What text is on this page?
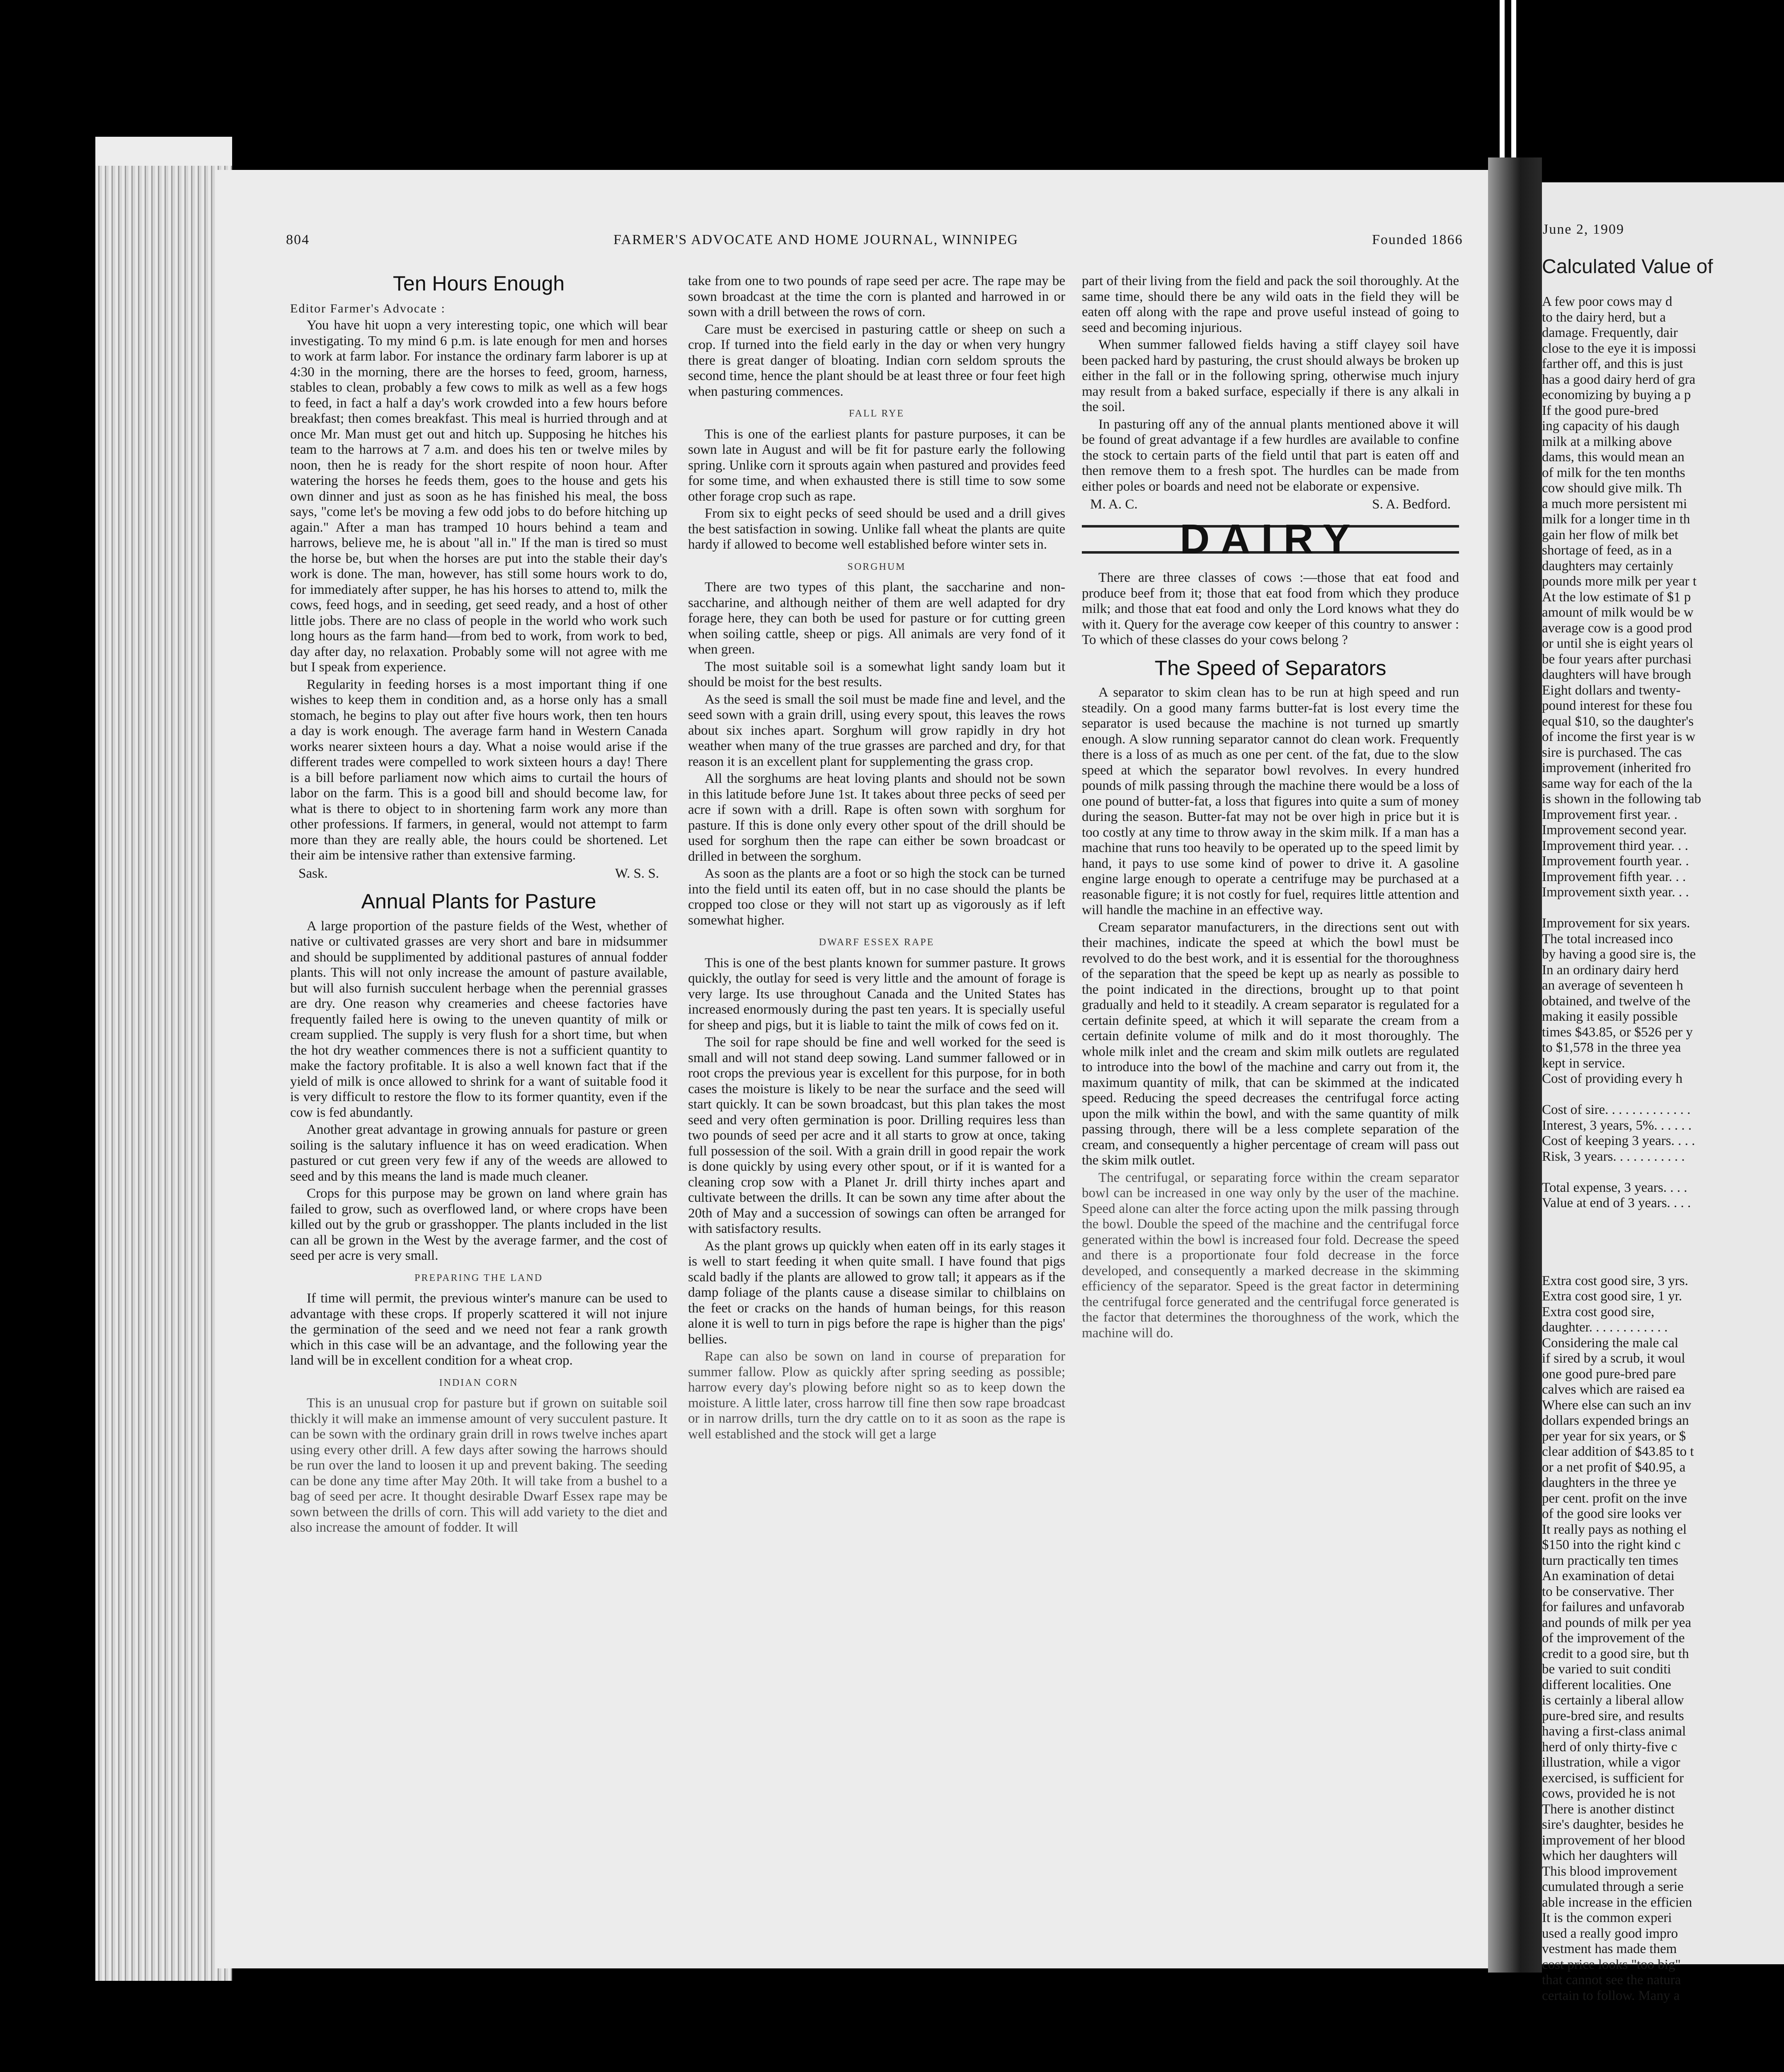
804	FARMER'S ADVOCATE AND HOME JOURNAL, WINNIPEG	Founded 1866
June 2, 1909
Ten Hours Enough
Editor Farmer's Advocate :

You have hit uopn a very interesting topic, one which will bear investigating. To my mind 6 p.m. is late enough for men and horses to work at farm labor. For instance the ordinary farm laborer is up at 4:30 in the morning, there are the horses to feed, groom, harness, stables to clean, probably a few cows to milk as well as a few hogs to feed, in fact a half a day's work crowded into a few hours before breakfast; then comes breakfast. This meal is hurried through and at once Mr. Man must get out and hitch up. Supposing he hitches his team to the harrows at 7 a.m. and does his ten or twelve miles by noon, then he is ready for the short respite of noon hour. After watering the horses he feeds them, goes to the house and gets his own dinner and just as soon as he has finished his meal, the boss says, "come let's be moving a few odd jobs to do before hitching up again." After a man has tramped 10 hours behind a team and harrows, believe me, he is about "all in." If the man is tired so must the horse be, but when the horses are put into the stable their day's work is done. The man, however, has still some hours work to do, for immediately after supper, he has his horses to attend to, milk the cows, feed hogs, and in seeding, get seed ready, and a host of other little jobs. There are no class of people in the world who work such long hours as the farm hand—from bed to work, from work to bed, day after day, no relaxation. Probably some will not agree with me but I speak from experience.

Regularity in feeding horses is a most important thing if one wishes to keep them in condition and, as a horse only has a small stomach, he begins to play out after five hours work, then ten hours a day is work enough. The average farm hand in Western Canada works nearer sixteen hours a day. What a noise would arise if the different trades were compelled to work sixteen hours a day! There is a bill before parliament now which aims to curtail the hours of labor on the farm. This is a good bill and should become law, for what is there to object to in shortening farm work any more than other professions. If farmers, in general, would not attempt to farm more than they are really able, the hours could be shortened. Let their aim be intensive rather than extensive farming.

Sask.	W. S. S.
Annual Plants for Pasture

A large proportion of the pasture fields of the West, whether of native or cultivated grasses are very short and bare in midsummer and should be supplimented by additional pastures of annual fodder plants. This will not only increase the amount of pasture available, but will also furnish succulent herbage when the perennial grasses are dry. One reason why creameries and cheese factories have frequently failed here is owing to the uneven quantity of milk or cream supplied. The supply is very flush for a short time, but when the hot dry weather commences there is not a sufficient quantity to make the factory profitable. It is also a well known fact that if the yield of milk is once allowed to shrink for a want of suitable food it is very difficult to restore the flow to its former quantity, even if the cow is fed abundantly.

Another great advantage in growing annuals for pasture or green soiling is the salutary influence it has on weed eradication. When pastured or cut green very few if any of the weeds are allowed to seed and by this means the land is made much cleaner.

Crops for this purpose may be grown on land where grain has failed to grow, such as overflowed land, or where crops have been killed out by the grub or grasshopper. The plants included in the list can all be grown in the West by the average farmer, and the cost of seed per acre is very small.

PREPARING THE LAND

If time will permit, the previous winter's manure can be used to advantage with these crops. If properly scattered it will not injure the germination of the seed and we need not fear a rank growth which in this case will be an advantage, and the following year the land will be in excellent condition for a wheat crop.

INDIAN CORN

This is an unusual crop for pasture but if grown on suitable soil thickly it will make an immense amount of very succulent pasture. It can be sown with the ordinary grain drill in rows twelve inches apart using every other drill. A few days after sowing the harrows should be run over the land to loosen it up and prevent baking. The seeding can be done any time after May 20th. It will take from a bushel to a bag of seed per acre. It thought desirable Dwarf Essex rape may be sown between the drills of corn. This will add variety to the diet and also increase the amount of fodder. It will

take from one to two pounds of rape seed per acre. The rape may be sown broadcast at the time the corn is planted and harrowed in or sown with a drill between the rows of corn.

Care must be exercised in pasturing cattle or sheep on such a crop. If turned into the field early in the day or when very hungry there is great danger of bloating. Indian corn seldom sprouts the second time, hence the plant should be at least three or four feet high when pasturing commences.

FALL RYE

This is one of the earliest plants for pasture purposes, it can be sown late in August and will be fit for pasture early the following spring. Unlike corn it sprouts again when pastured and provides feed for some time, and when exhausted there is still time to sow some other forage crop such as rape.

From six to eight pecks of seed should be used and a drill gives the best satisfaction in sowing. Unlike fall wheat the plants are quite hardy if allowed to become well established before winter sets in.

SORGHUM

There are two types of this plant, the saccharine and non-saccharine, and although neither of them are well adapted for dry forage here, they can both be used for pasture or for cutting green when soiling cattle, sheep or pigs. All animals are very fond of it when green.

The most suitable soil is a somewhat light sandy loam but it should be moist for the best results.

As the seed is small the soil must be made fine and level, and the seed sown with a grain drill, using every spout, this leaves the rows about six inches apart. Sorghum will grow rapidly in dry hot weather when many of the true grasses are parched and dry, for that reason it is an excellent plant for supplementing the grass crop.

All the sorghums are heat loving plants and should not be sown in this latitude before June 1st. It takes about three pecks of seed per acre if sown with a drill. Rape is often sown with sorghum for pasture. If this is done only every other spout of the drill should be used for sorghum then the rape can either be sown broadcast or drilled in between the sorghum.

As soon as the plants are a foot or so high the stock can be turned into the field until its eaten off, but in no case should the plants be cropped too close or they will not start up as vigorously as if left somewhat higher.

DWARF ESSEX RAPE

This is one of the best plants known for summer pasture. It grows quickly, the outlay for seed is very little and the amount of forage is very large. Its use throughout Canada and the United States has increased enormously during the past ten years. It is specially useful for sheep and pigs, but it is liable to taint the milk of cows fed on it.

The soil for rape should be fine and well worked for the seed is small and will not stand deep sowing. Land summer fallowed or in root crops the previous year is excellent for this purpose, for in both cases the moisture is likely to be near the surface and the seed will start quickly. It can be sown broadcast, but this plan takes the most seed and very often germination is poor. Drilling requires less than two pounds of seed per acre and it all starts to grow at once, taking full possession of the soil. With a grain drill in good repair the work is done quickly by using every other spout, or if it is wanted for a cleaning crop sow with a Planet Jr. drill thirty inches apart and cultivate between the drills. It can be sown any time after about the 20th of May and a succession of sowings can often be arranged for with satisfactory results.

As the plant grows up quickly when eaten off in its early stages it is well to start feeding it when quite small. I have found that pigs scald badly if the plants are allowed to grow tall; it appears as if the damp foliage of the plants cause a disease similar to chilblains on the feet or cracks on the hands of human beings, for this reason alone it is well to turn in pigs before the rape is higher than the pigs' bellies.

Rape can also be sown on land in course of preparation for summer fallow. Plow as quickly after spring seeding as possible; harrow every day's plowing before night so as to keep down the moisture. A little later, cross harrow till fine then sow rape broadcast or in narrow drills, turn the dry cattle on to it as soon as the rape is well established and the stock will get a large

part of their living from the field and pack the soil thoroughly. At the same time, should there be any wild oats in the field they will be eaten off along with the rape and prove useful instead of going to seed and becoming injurious.

When summer fallowed fields having a stiff clayey soil have been packed hard by pasturing, the crust should always be broken up either in the fall or in the following spring, otherwise much injury may result from a baked surface, especially if there is any alkali in the soil.

In pasturing off any of the annual plants mentioned above it will be found of great advantage if a few hurdles are available to confine the stock to certain parts of the field until that part is eaten off and then remove them to a fresh spot. The hurdles can be made from either poles or boards and need not be elaborate or expensive.

M. A. C.	S. A. Bedford.
DAIRY

There are three classes of cows :—those that eat food and produce beef from it; those that eat food from which they produce milk; and those that eat food and only the Lord knows what they do with it. Query for the average cow keeper of this country to answer : To which of these classes do your cows belong ?

The Speed of Separators

A separator to skim clean has to be run at high speed and run steadily. On a good many farms butter-fat is lost every time the separator is used because the machine is not turned up smartly enough. A slow running separator cannot do clean work. Frequently there is a loss of as much as one per cent. of the fat, due to the slow speed at which the separator bowl revolves. In every hundred pounds of milk passing through the machine there would be a loss of one pound of butter-fat, a loss that figures into quite a sum of money during the season. Butter-fat may not be over high in price but it is too costly at any time to throw away in the skim milk. If a man has a machine that runs too heavily to be operated up to the speed limit by hand, it pays to use some kind of power to drive it. A gasoline engine large enough to operate a centrifuge may be purchased at a reasonable figure; it is not costly for fuel, requires little attention and will handle the machine in an effective way.

Cream separator manufacturers, in the directions sent out with their machines, indicate the speed at which the bowl must be revolved to do the best work, and it is essential for the thoroughness of the separation that the speed be kept up as nearly as possible to the point indicated in the directions, brought up to that point gradually and held to it steadily. A cream separator is regulated for a certain definite speed, at which it will separate the cream from a certain definite volume of milk and do it most thoroughly. The whole milk inlet and the cream and skim milk outlets are regulated to introduce into the bowl of the machine and carry out from it, the maximum quantity of milk, that can be skimmed at the indicated speed. Reducing the speed decreases the centrifugal force acting upon the milk within the bowl, and with the same quantity of milk passing through, there will be a less complete separation of the cream, and consequently a higher percentage of cream will pass out the skim milk outlet.

The centrifugal, or separating force within the cream separator bowl can be increased in one way only by the user of the machine. Speed alone can alter the force acting upon the milk passing through the bowl. Double the speed of the machine and the centrifugal force generated within the bowl is increased four fold. Decrease the speed and there is a proportionate four fold decrease in the force developed, and consequently a marked decrease in the skimming efficiency of the separator. Speed is the great factor in determining the centrifugal force generated and the centrifugal force generated is the factor that determines the thoroughness of the work, which the machine will do.

Calculated Value of
A few poor cows may d
to the dairy herd, but a
damage. Frequently, dair
close to the eye it is impossi
farther off, and this is just
has a good dairy herd of gra
economizing by buying a p
If the good pure-bred
ing capacity of his daugh
milk at a milking above
dams, this would mean an
of milk for the ten months
cow should give milk. Th
a much more persistent mi
milk for a longer time in th
gain her flow of milk bet
shortage of feed, as in a
daughters may certainly
pounds more milk per year t
At the low estimate of $1 p
amount of milk would be w
average cow is a good prod
or until she is eight years ol
be four years after purchasi
daughters will have brough
Eight dollars and twenty-
pound interest for these fou
equal $10, so the daughter's
of income the first year is w
sire is purchased. The cas
improvement (inherited fro
same way for each of the la
is shown in the following tab
Improvement first year. .
Improvement second year.
Improvement third year. . .
Improvement fourth year. .
Improvement fifth year. . .
Improvement sixth year. . .
Improvement for six years.
The total increased inco
by having a good sire is, the
In an ordinary dairy herd
an average of seventeen h
obtained, and twelve of the
making it easily possible
times $43.85, or $526 per y
to $1,578 in the three yea
kept in service.
Cost of providing every h
Cost of sire. . . . . . . . . . . . .
Interest, 3 years, 5%. . . . . .
Cost of keeping 3 years. . . .
Risk, 3 years. . . . . . . . . . .
Total expense, 3 years. . . .
Value at end of 3 years. . . .
Extra cost good sire, 3 yrs.
Extra cost good sire, 1 yr.
Extra cost good sire,
daughter. . . . . . . . . . . .
Considering the male cal
if sired by a scrub, it woul
one good pure-bred pare
calves which are raised ea
Where else can such an inv
dollars expended brings an
per year for six years, or $
clear addition of $43.85 to t
or a net profit of $40.95, a
daughters in the three ye
per cent. profit on the inve
of the good sire looks ver
It really pays as nothing el
$150 into the right kind c
turn practically ten times
An examination of detai
to be conservative. Ther
for failures and unfavorab
and pounds of milk per yea
of the improvement of the
credit to a good sire, but th
be varied to suit conditi
different localities. One
is certainly a liberal allow
pure-bred sire, and results
having a first-class animal
herd of only thirty-five c
illustration, while a vigor
exercised, is sufficient for
cows, provided he is not
There is another distinct
sire's daughter, besides he
improvement of her blood
which her daughters will
This blood improvement
cumulated through a serie
able increase in the efficien
It is the common experi
used a really good impro
vestment has made them
cost price looks "too big"
that cannot see the natura
certain to follow. Many a
